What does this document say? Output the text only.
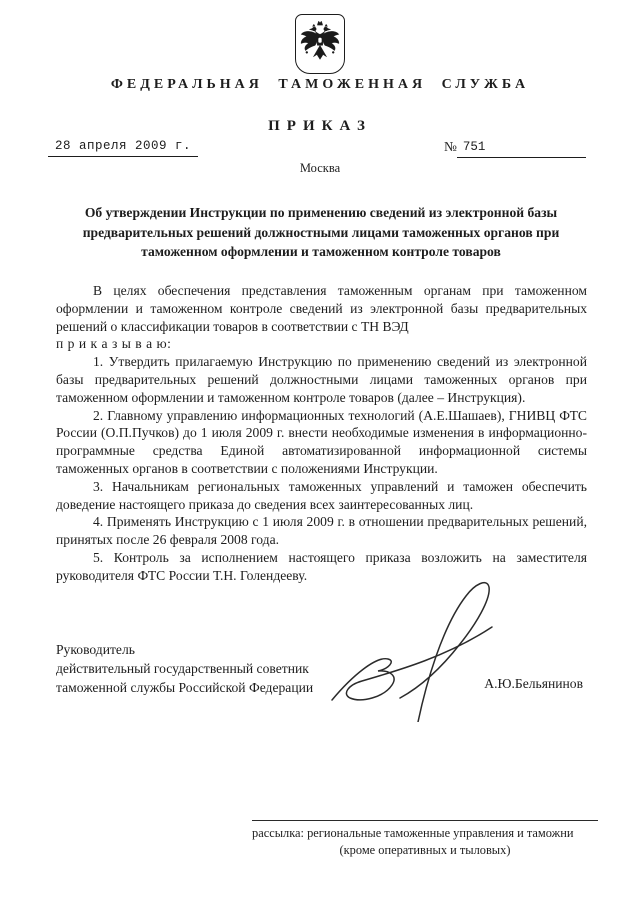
ФЕДЕРАЛЬНАЯ ТАМОЖЕННАЯ СЛУЖБА
ПРИКАЗ
28 апреля 2009 г.	№ 751
Москва
Об утверждении Инструкции по применению сведений из электронной базы предварительных решений должностными лицами таможенных органов при таможенном оформлении и таможенном контроле товаров

В целях обеспечения представления таможенным органам при таможенном оформлении и таможенном контроле сведений из электронной базы предварительных решений о классификации товаров в соответствии с ТН ВЭД

п р и к а з ы в а ю:

1. Утвердить прилагаемую Инструкцию по применению сведений из электронной базы предварительных решений должностными лицами таможенных органов при таможенном оформлении и таможенном контроле товаров (далее – Инструкция).

2. Главному управлению информационных технологий (А.Е.Шашаев), ГНИВЦ ФТС России (О.П.Пучков) до 1 июля 2009 г. внести необходимые изменения в информационно-программные средства Единой автоматизированной информационной системы таможенных органов в соответствии с положениями Инструкции.

3. Начальникам региональных таможенных управлений и таможен обеспечить доведение настоящего приказа до сведения всех заинтересованных лиц.

4. Применять Инструкцию с 1 июля 2009 г. в отношении предварительных решений, принятых после 26 февраля 2008 года.

5. Контроль за исполнением настоящего приказа возложить на заместителя руководителя ФТС России Т.Н. Голендееву.

Руководитель
действительный государственный советник
таможенной службы Российской Федерации	А.Ю.Бельянинов
рассылка: региональные таможенные управления и таможни
(кроме оперативных и тыловых)
